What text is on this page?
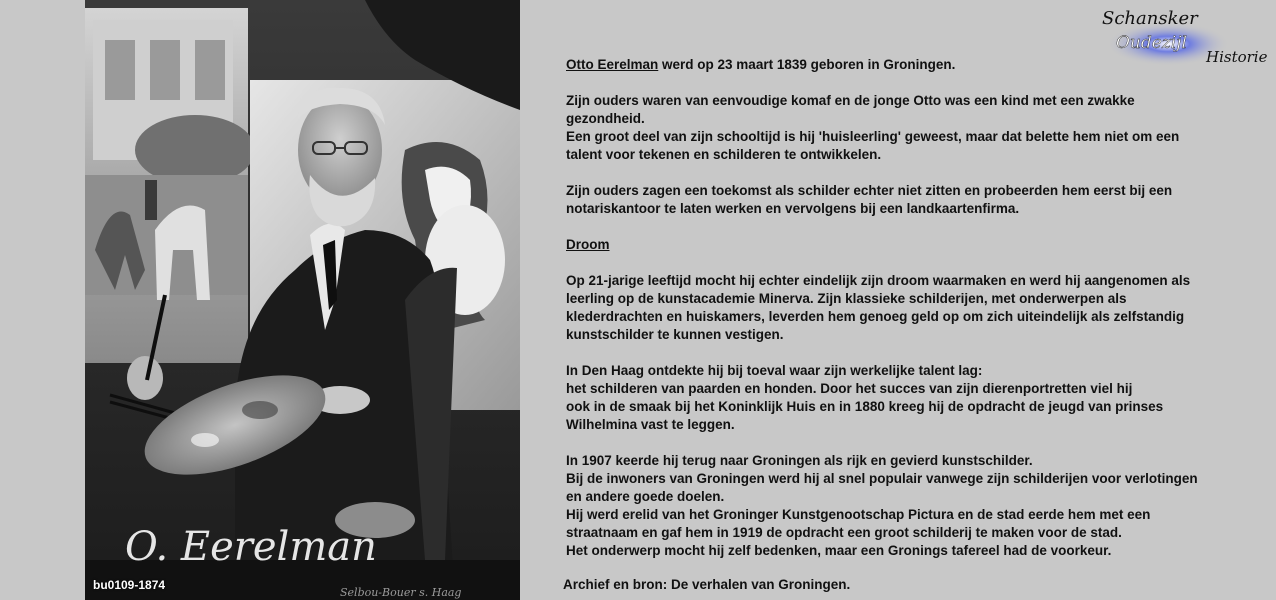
O. Eerelman
Selbou-Bouer s. Haag
bu0109-1874
Schansker
Oudezijl
Historie

Otto Eerelman werd op 23 maart 1839 geboren in Groningen.

Zijn ouders waren van eenvoudige komaf en de jonge Otto was een kind met een zwakke

gezondheid.

Een groot deel van zijn schooltijd is hij 'huisleerling' geweest, maar dat belette hem niet om een

talent voor tekenen en schilderen te ontwikkelen.

Zijn ouders zagen een toekomst als schilder echter niet zitten en probeerden hem eerst bij een

notariskantoor te laten werken en vervolgens bij een landkaartenfirma.

Droom

Op 21-jarige leeftijd mocht hij echter eindelijk zijn droom waarmaken en werd hij aangenomen als

leerling op de kunstacademie Minerva. Zijn klassieke schilderijen, met onderwerpen als

klederdrachten en huiskamers, leverden hem genoeg geld op om zich uiteindelijk als zelfstandig

kunstschilder te kunnen vestigen.

In Den Haag ontdekte hij bij toeval waar zijn werkelijke talent lag:

het schilderen van paarden en honden. Door het succes van zijn dierenportretten viel hij

ook in de smaak bij het Koninklijk Huis en in 1880 kreeg hij de opdracht de jeugd van prinses

Wilhelmina vast te leggen.

In 1907 keerde hij terug naar Groningen als rijk en gevierd kunstschilder.

Bij de inwoners van Groningen werd hij al snel populair vanwege zijn schilderijen voor verlotingen

en andere goede doelen.

Hij werd erelid van het Groninger Kunstgenootschap Pictura en de stad eerde hem met een

straatnaam en gaf hem in 1919 de opdracht een groot schilderij te maken voor de stad.

Het onderwerp mocht hij zelf bedenken, maar een Gronings tafereel had de voorkeur.

Archief en bron: De verhalen van Groningen.
